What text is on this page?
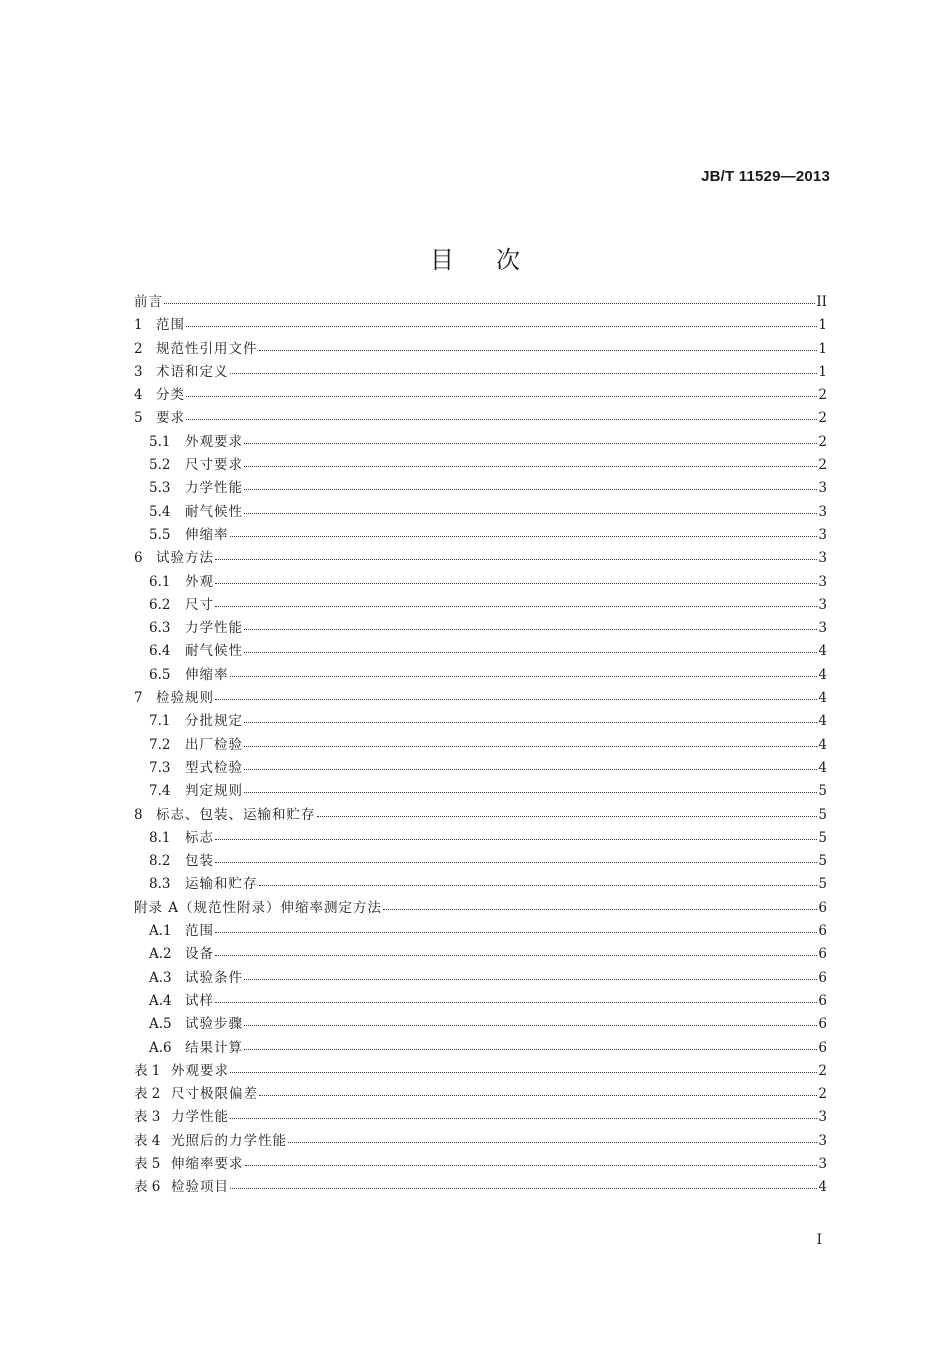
JB/T 11529—2013
目次
前言	II
1 范围	1
2 规范性引用文件	1
3 术语和定义	1
4 分类	2
5 要求	2
5.1	外观要求	2
5.2	尺寸要求	2
5.3	力学性能	3
5.4	耐气候性	3
5.5	伸缩率	3
6 试验方法	3
6.1	外观	3
6.2	尺寸	3
6.3	力学性能	3
6.4	耐气候性	4
6.5	伸缩率	4
7 检验规则	4
7.1	分批规定	4
7.2	出厂检验	4
7.3	型式检验	4
7.4	判定规则	5
8 标志、包装、运输和贮存	5
8.1	标志	5
8.2	包装	5
8.3	运输和贮存	5
附录 A（规范性附录）伸缩率测定方法	6
A.1 范围	6
A.2 设备	6
A.3 试验条件	6
A.4 试样	6
A.5 试验步骤	6
A.6 结果计算	6
表 1 外观要求	2
表 2 尺寸极限偏差	2
表 3 力学性能	3
表 4 光照后的力学性能	3
表 5 伸缩率要求	3
表 6 检验项目	4
I
